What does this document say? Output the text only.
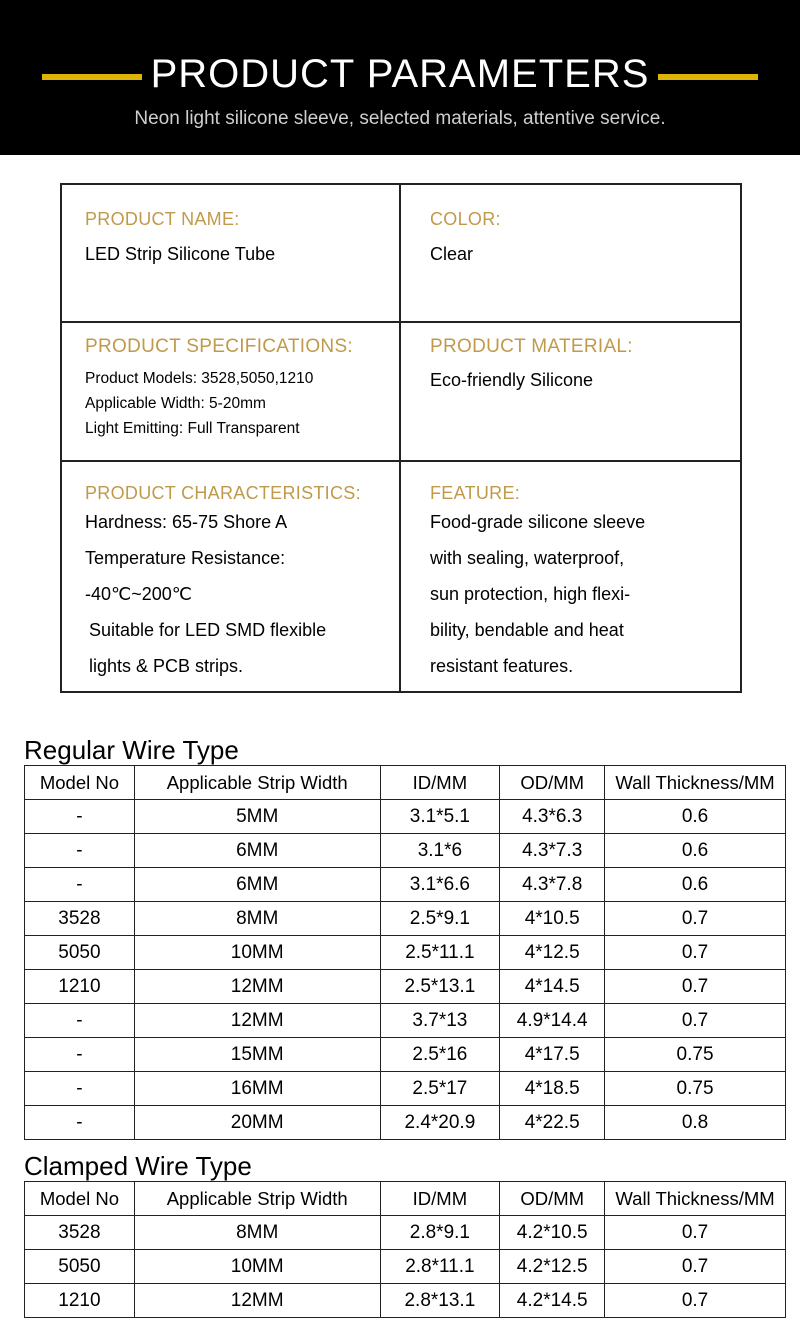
PRODUCT PARAMETERS
Neon light silicone sleeve, selected materials, attentive service.
PRODUCT NAME:
LED Strip Silicone Tube
COLOR:
Clear
PRODUCT SPECIFICATIONS:
Product Models: 3528,5050,1210
Applicable Width: 5-20mm
Light Emitting: Full Transparent
PRODUCT MATERIAL:
Eco-friendly Silicone
PRODUCT CHARACTERISTICS:
Hardness: 65-75 Shore A
Temperature Resistance:
-40℃~200℃
Suitable for LED SMD flexible
lights & PCB strips.
FEATURE:
Food-grade silicone sleeve
with sealing, waterproof,
sun protection, high flexi-
bility, bendable and heat
resistant features.
Regular Wire Type
Model No	Applicable Strip Width	ID/MM	OD/MM	Wall Thickness/MM
-	5MM	3.1*5.1	4.3*6.3	0.6
-	6MM	3.1*6	4.3*7.3	0.6
-	6MM	3.1*6.6	4.3*7.8	0.6
3528	8MM	2.5*9.1	4*10.5	0.7
5050	10MM	2.5*11.1	4*12.5	0.7
1210	12MM	2.5*13.1	4*14.5	0.7
-	12MM	3.7*13	4.9*14.4	0.7
-	15MM	2.5*16	4*17.5	0.75
-	16MM	2.5*17	4*18.5	0.75
-	20MM	2.4*20.9	4*22.5	0.8
Clamped Wire Type
Model No	Applicable Strip Width	ID/MM	OD/MM	Wall Thickness/MM
3528	8MM	2.8*9.1	4.2*10.5	0.7
5050	10MM	2.8*11.1	4.2*12.5	0.7
1210	12MM	2.8*13.1	4.2*14.5	0.7
